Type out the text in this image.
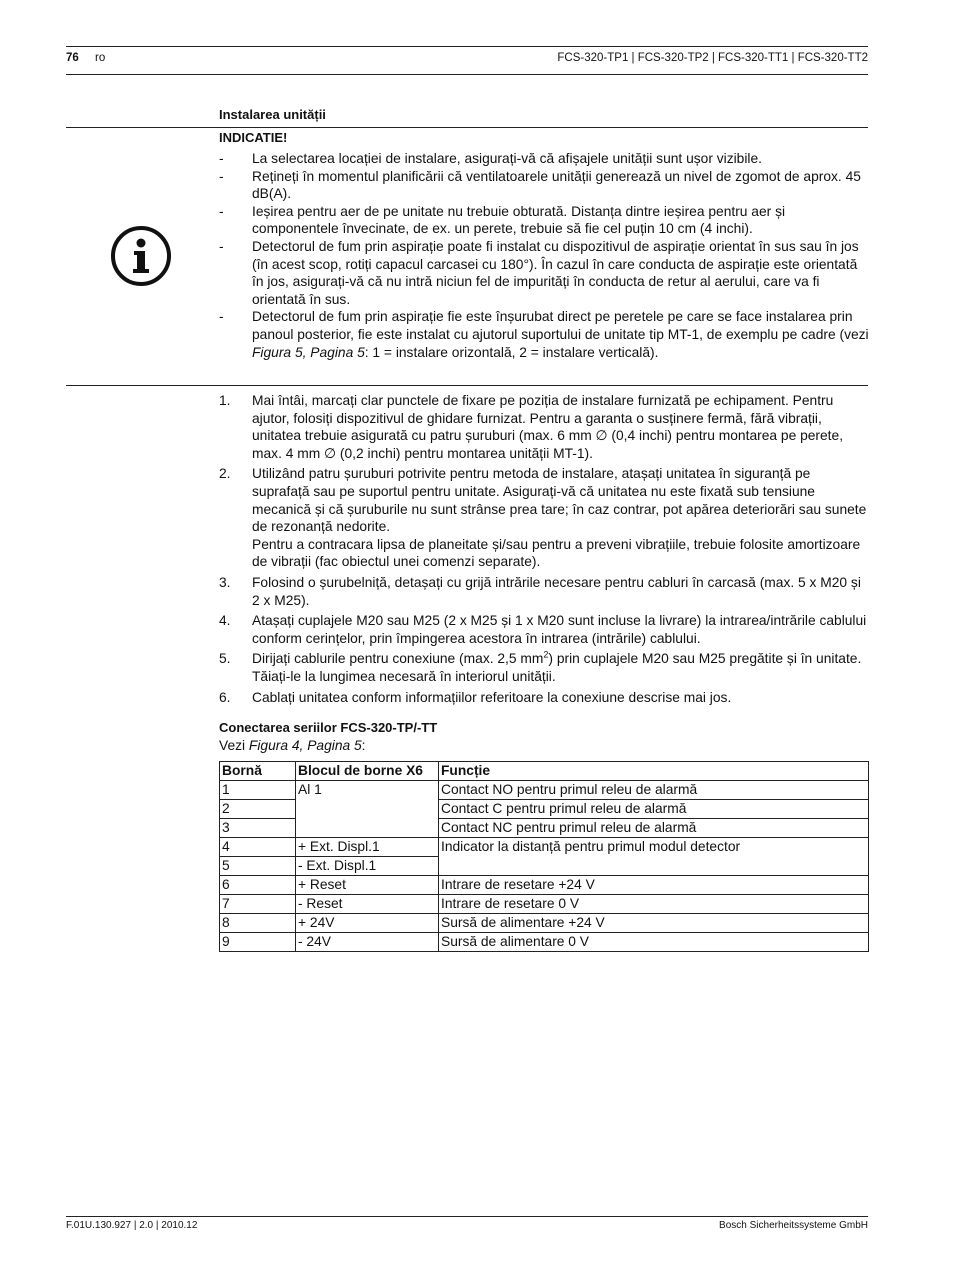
76 ro	FCS-320-TP1 | FCS-320-TP2 | FCS-320-TT1 | FCS-320-TT2
Instalarea unității
INDICATIE!
- La selectarea locației de instalare, asigurați-vă că afișajele unității sunt ușor vizibile.
- Rețineți în momentul planificării că ventilatoarele unității generează un nivel de zgomot de aprox. 45 dB(A).
- Ieșirea pentru aer de pe unitate nu trebuie obturată. Distanța dintre ieșirea pentru aer și componentele învecinate, de ex. un perete, trebuie să fie cel puțin 10 cm (4 inchi).
- Detectorul de fum prin aspirație poate fi instalat cu dispozitivul de aspirație orientat în sus sau în jos (în acest scop, rotiți capacul carcasei cu 180°). În cazul în care conducta de aspirație este orientată în jos, asigurați-vă că nu intră niciun fel de impurități în conducta de retur al aerului, care va fi orientată în sus.
- Detectorul de fum prin aspirație fie este înșurubat direct pe peretele pe care se face instalarea prin panoul posterior, fie este instalat cu ajutorul suportului de unitate tip MT-1, de exemplu pe cadre (vezi Figura 5, Pagina 5: 1 = instalare orizontală, 2 = instalare verticală).
1. Mai întâi, marcați clar punctele de fixare pe poziția de instalare furnizată pe echipament. Pentru ajutor, folosiți dispozitivul de ghidare furnizat. Pentru a garanta o susținere fermă, fără vibrații, unitatea trebuie asigurată cu patru șuruburi (max. 6 mm ∅ (0,4 inchi) pentru montarea pe perete, max. 4 mm ∅ (0,2 inchi) pentru montarea unității MT-1).
2. Utilizând patru șuruburi potrivite pentru metoda de instalare, atașați unitatea în siguranță pe suprafață sau pe suportul pentru unitate. Asigurați-vă că unitatea nu este fixată sub tensiune mecanică și că șuruburile nu sunt strânse prea tare; în caz contrar, pot apărea deteriorări sau sunete de rezonanță nedorite.
Pentru a contracara lipsa de planeitate și/sau pentru a preveni vibrațiile, trebuie folosite amortizoare de vibrații (fac obiectul unei comenzi separate).
3. Folosind o șurubelniță, detașați cu grijă intrările necesare pentru cabluri în carcasă (max. 5 x M20 și 2 x M25).
4. Atașați cuplajele M20 sau M25 (2 x M25 și 1 x M20 sunt incluse la livrare) la intrarea/intrările cablului conform cerințelor, prin împingerea acestora în intrarea (intrările) cablului.
5. Dirijați cablurile pentru conexiune (max. 2,5 $mm^2$) prin cuplajele M20 sau M25 pregătite și în unitate. Tăiați-le la lungimea necesară în interiorul unității.
6. Cablați unitatea conform informațiilor referitoare la conexiune descrise mai jos.
Conectarea seriilor FCS-320-TP/-TT
Vezi Figura 4, Pagina 5:
Bornă	Blocul de borne X6	Funcție
1	Al 1	Contact NO pentru primul releu de alarmă
2		Contact C pentru primul releu de alarmă
3		Contact NC pentru primul releu de alarmă
4	+ Ext. Displ.1	Indicator la distanță pentru primul modul detector
5	- Ext. Displ.1	
6	+ Reset	Intrare de resetare +24 V
7	- Reset	Intrare de resetare 0 V
8	+ 24V	Sursă de alimentare +24 V
9	- 24V	Sursă de alimentare 0 V
F.01U.130.927 | 2.0 | 2010.12	Bosch Sicherheitssysteme GmbH
